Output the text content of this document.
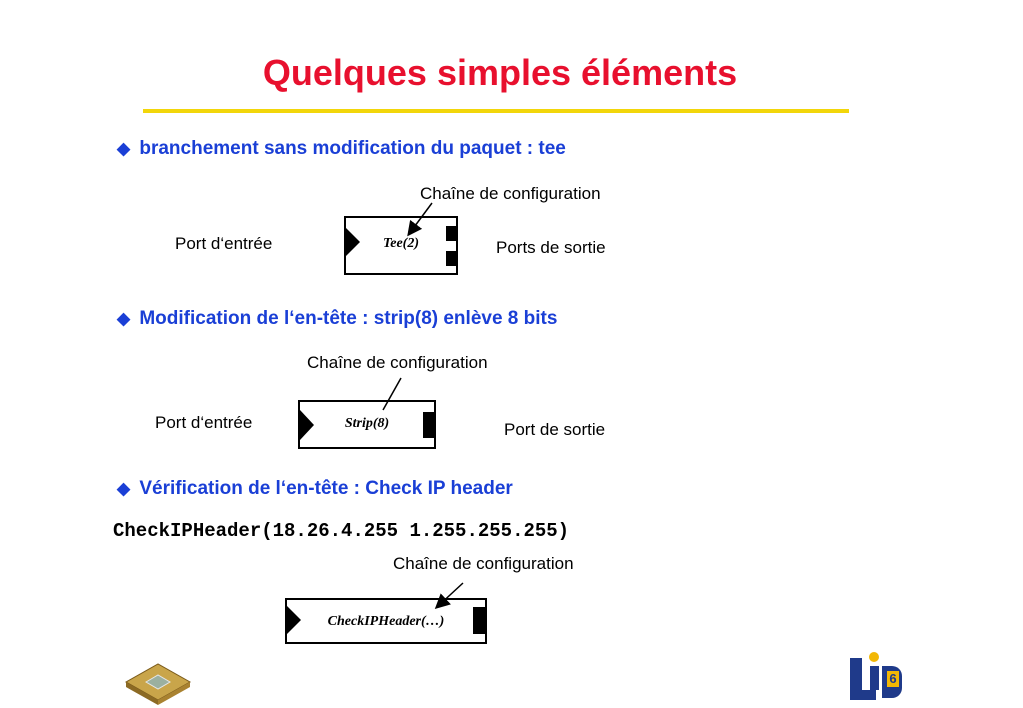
Quelques simples éléments
◆ branchement sans modification du paquet : tee
Chaîne de configuration
Port d‘entrée	Ports de sortie
Tee(2)
◆ Modification de l‘en-tête : strip(8) enlève 8 bits
Chaîne de configuration
Port d‘entrée	Port de sortie
Strip(8)
◆ Vérification de l‘en-tête : Check IP header
CheckIPHeader(18.26.4.255 1.255.255.255)
Chaîne de configuration
CheckIPHeader(…)
6
